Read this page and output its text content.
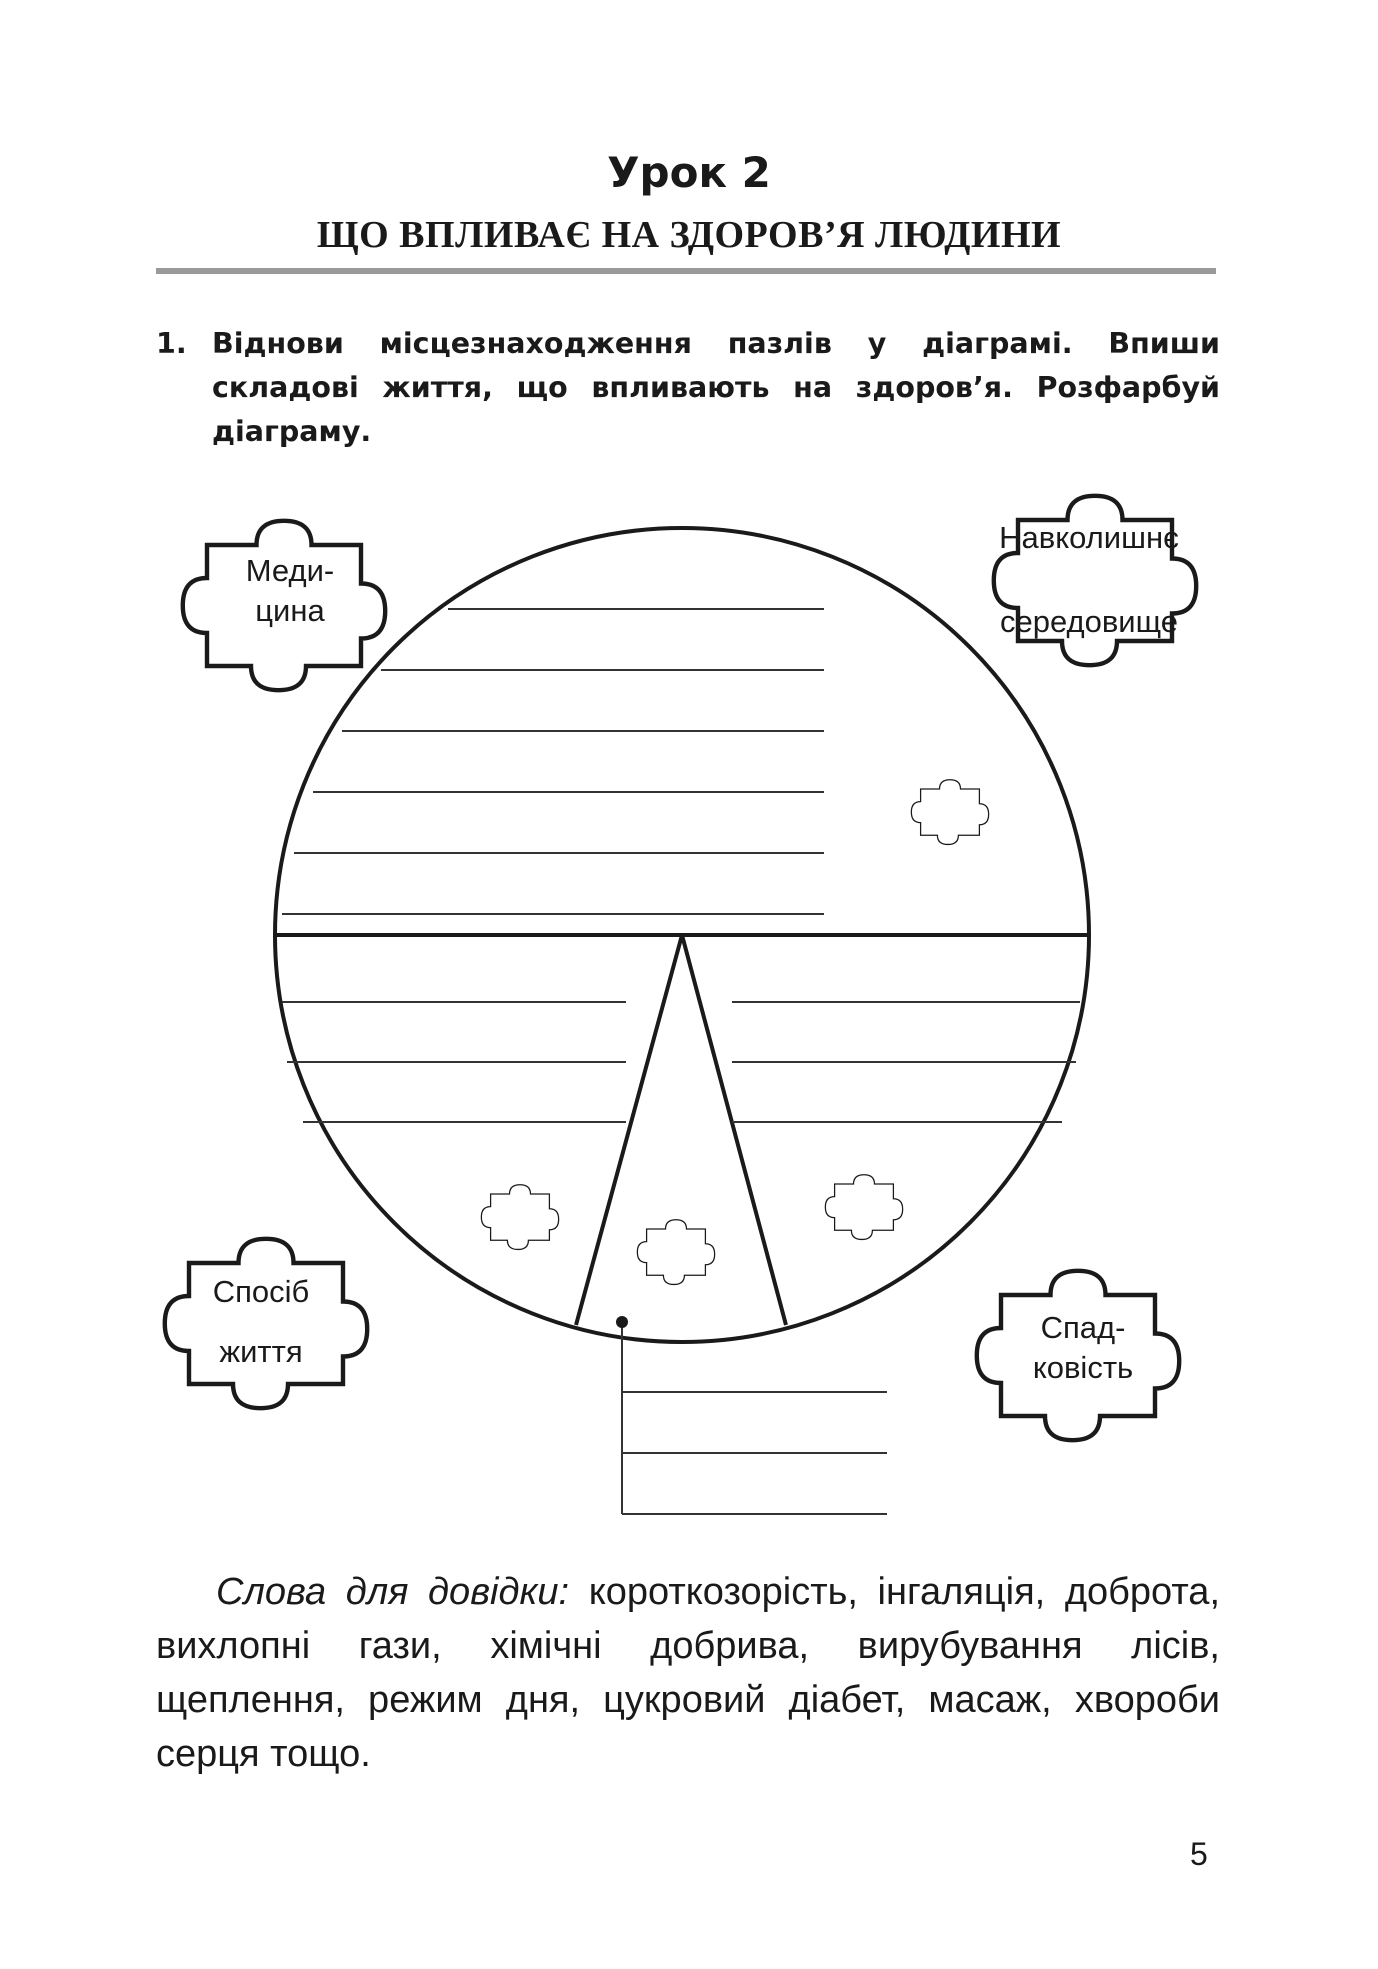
Урок 2
ЩО ВПЛИВАЄ НА ЗДОРОВ’Я ЛЮДИНИ
1. Віднови місцезнаходження пазлів у діаграмі. Впиши складові життя, що впливають на здоров’я. Розфарбуй діаграму.
Меди-
цина
Навколишнє
середовище
Спосіб
життя
Спад-
ковість
Слова для довідки: короткозорість, інгаляція, доброта, вихлопні гази, хімічні добрива, вирубування лісів, щеплення, режим дня, цукровий діабет, масаж, хвороби серця тощо.
5
